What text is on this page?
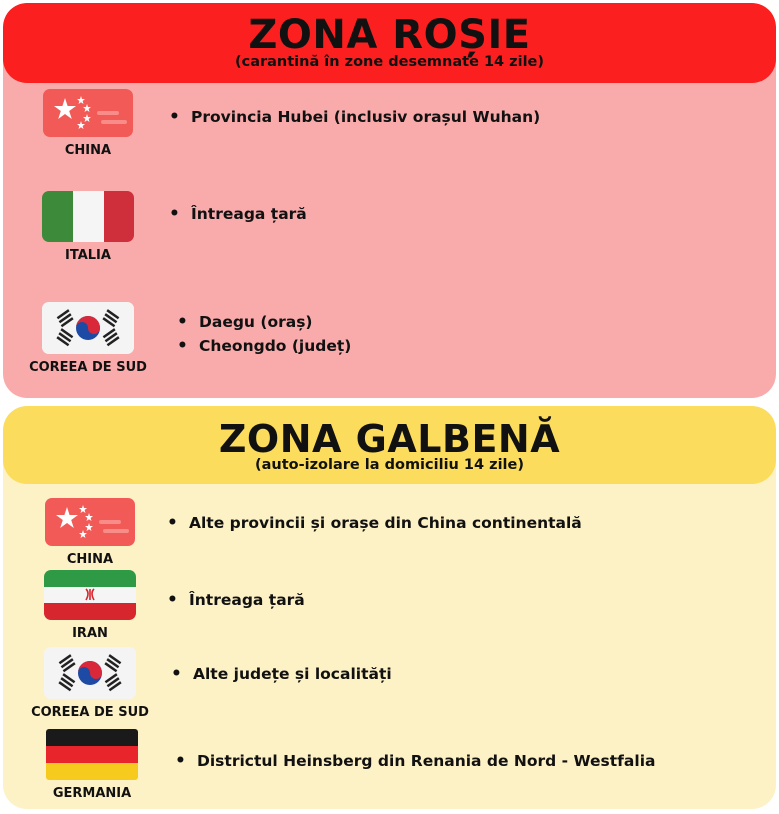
ZONA ROȘIE
(carantină în zone desemnate 14 zile)
CHINA
• Provincia Hubei (inclusiv orașul Wuhan)
ITALIA
• Întreaga țară
COREEA DE SUD
• Daegu (oraș)
• Cheongdo (județ)
ZONA GALBENĂ
(auto-izolare la domiciliu 14 zile)
CHINA
• Alte provincii și orașe din China continentală
IRAN
• Întreaga țară
COREEA DE SUD
• Alte județe și localități
GERMANIA
• Districtul Heinsberg din Renania de Nord - Westfalia
